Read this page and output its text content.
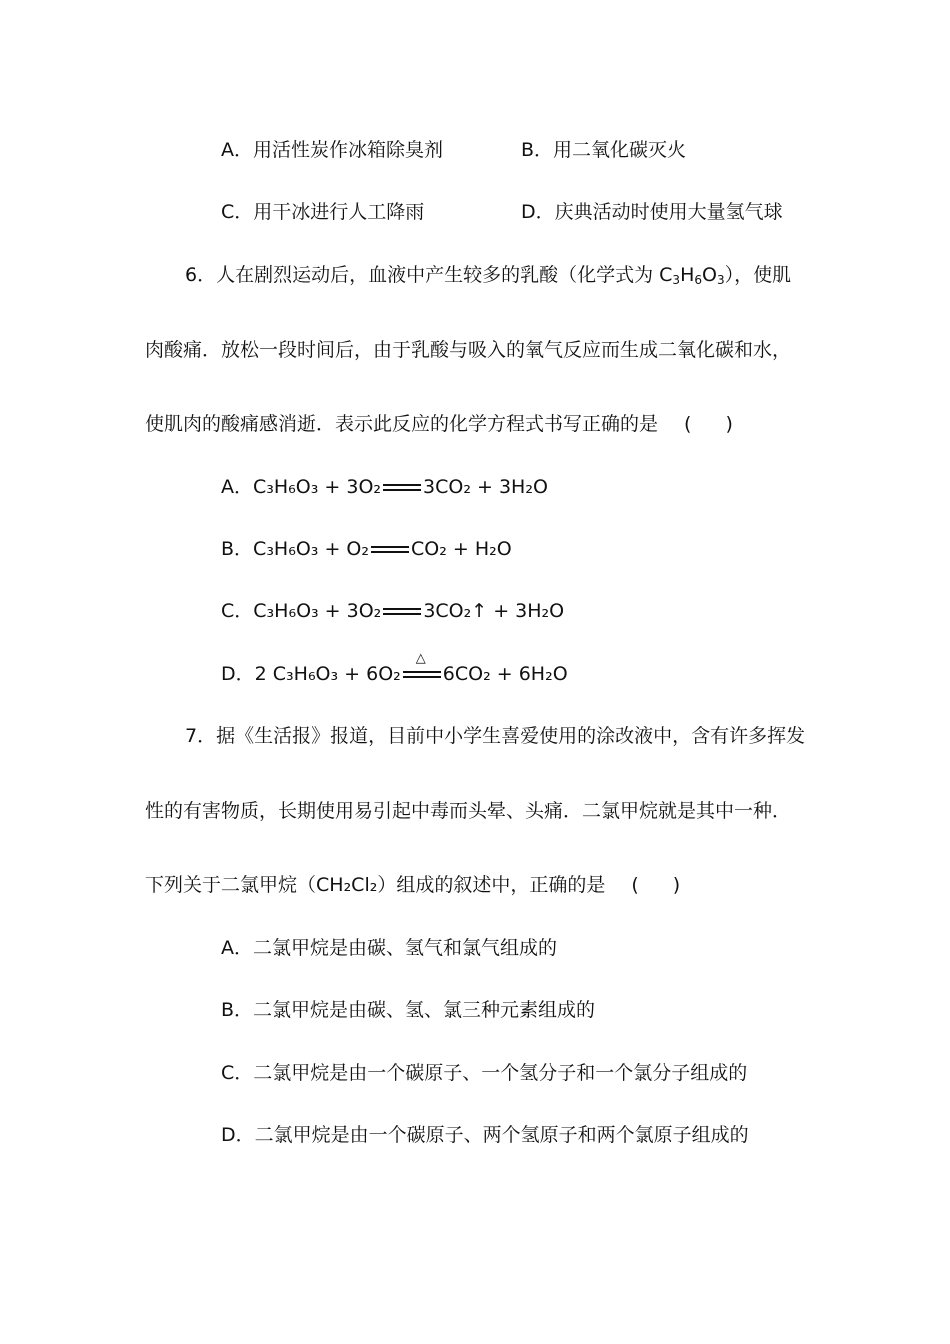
A．用活性炭作冰箱除臭剂	B．用二氧化碳灭火
C．用干冰进行人工降雨	D．庆典活动时使用大量氢气球
6．人在剧烈运动后，血液中产生较多的乳酸（化学式为 $C_3H_6O_3$），使肌
肉酸痛．放松一段时间后，由于乳酸与吸入的氧气反应而生成二氧化碳和水，
使肌肉的酸痛感消逝．表示此反应的化学方程式书写正确的是 ( )
A．C₃H₆O₃ + 3O₂ 3CO₂ + 3H₂O
B．C₃H₆O₃ + O₂ CO₂ + H₂O
C．C₃H₆O₃ + 3O₂ 3CO₂↑ + 3H₂O
D．2 C₃H₆O₃ + 6O₂
△
6CO₂ + 6H₂O
7．据《生活报》报道，目前中小学生喜爱使用的涂改液中，含有许多挥发
性的有害物质，长期使用易引起中毒而头晕、头痛．二氯甲烷就是其中一种．
下列关于二氯甲烷（CH₂Cl₂）组成的叙述中，正确的是 ( )
A．二氯甲烷是由碳、氢气和氯气组成的
B．二氯甲烷是由碳、氢、氯三种元素组成的
C．二氯甲烷是由一个碳原子、一个氢分子和一个氯分子组成的
D．二氯甲烷是由一个碳原子、两个氢原子和两个氯原子组成的
